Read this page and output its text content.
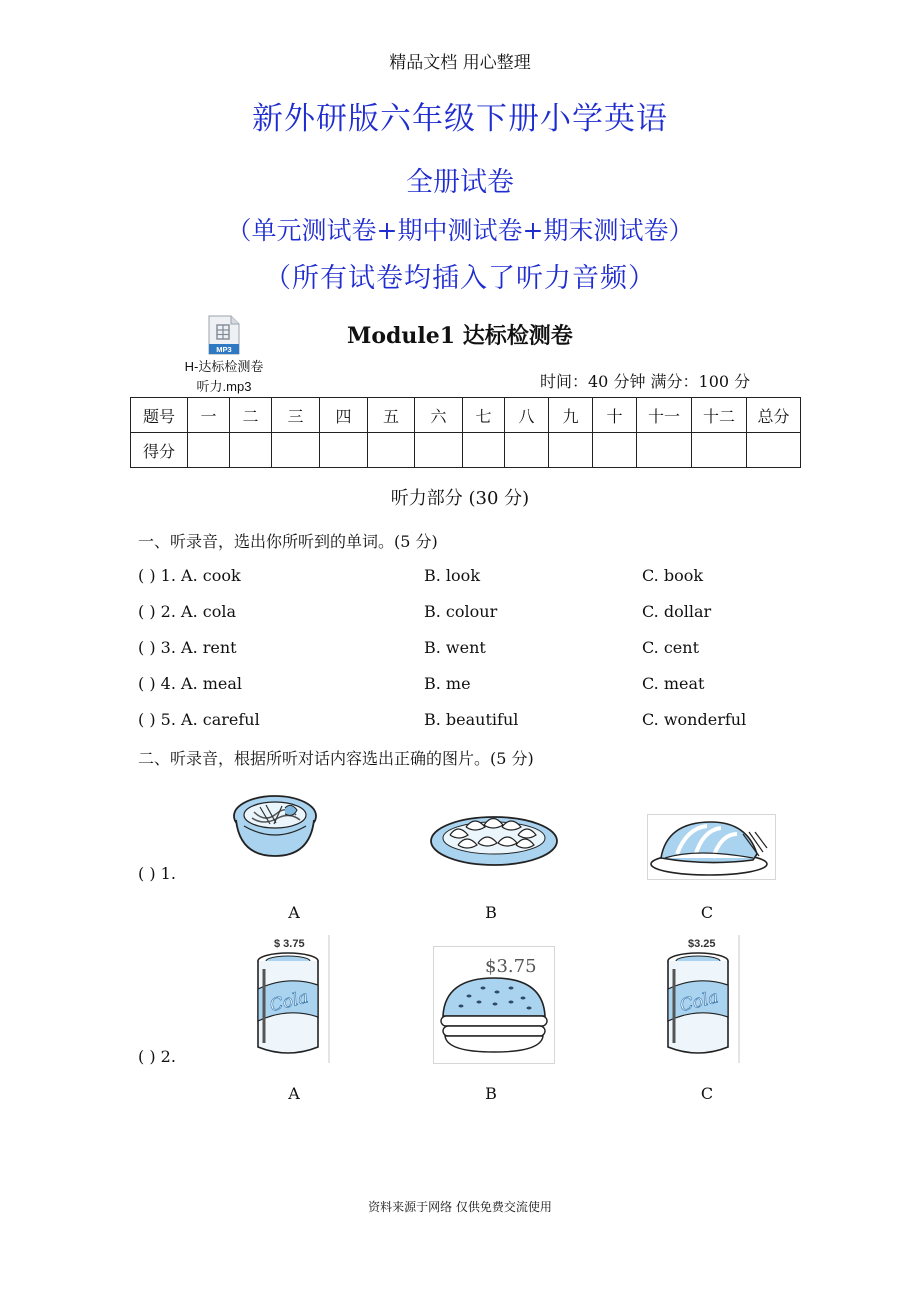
精品文档 用心整理
新外研版六年级下册小学英语
全册试卷
（单元测试卷+期中测试卷+期末测试卷）
（所有试卷均插入了听力音频）
MP3
H-达标检测卷
听力.mp3
Module1 达标检测卷
时间：40 分钟 满分：100 分
题号	一	二	三	四	五	六	七	八	九	十	十一	十二	总分
得分													
听力部分 (30 分)
一、听录音，选出你所听到的单词。(5 分)
( ) 1. A. cook	B. look	C. book
( ) 2. A. cola	B. colour	C. dollar
( ) 3. A. rent	B. went	C. cent
( ) 4. A. meal	B. me	C. meat
( ) 5. A. careful	B. beautiful	C. wonderful
二、听录音，根据所听对话内容选出正确的图片。(5 分)
( ) 1.
A	B	C
$ 3.75
Cola
$3.75
$3.25
Cola
( ) 2.
A	B	C
资料来源于网络 仅供免费交流使用
